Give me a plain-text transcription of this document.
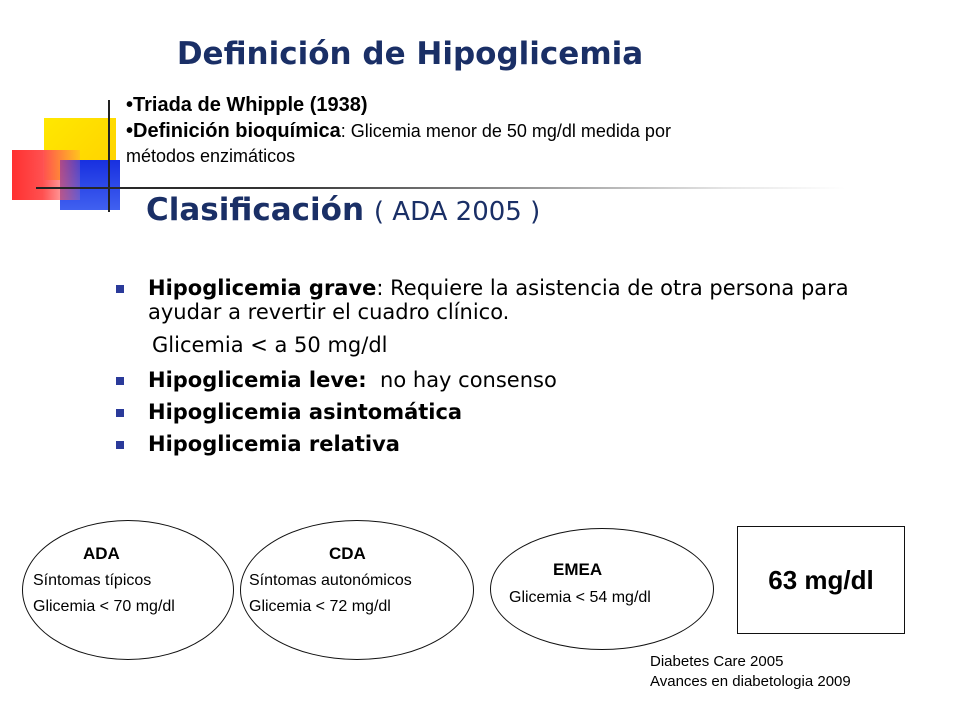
Definición de Hipoglicemia
•Triada de Whipple (1938)
•Definición bioquímica: Glicemia menor de 50 mg/dl medida por
métodos enzimáticos
Clasificación ( ADA 2005 )
Hipoglicemia grave: Requiere la asistencia de otra persona para ayudar a revertir el cuadro clínico.
Glicemia < a 50 mg/dl
Hipoglicemia leve: no hay consenso
Hipoglicemia asintomática
Hipoglicemia relativa
ADA
Síntomas típicos
Glicemia < 70 mg/dl
CDA
Síntomas autonómicos
Glicemia < 72 mg/dl
EMEA
Glicemia < 54 mg/dl
63 mg/dl
Diabetes Care 2005
Avances en diabetologia 2009
